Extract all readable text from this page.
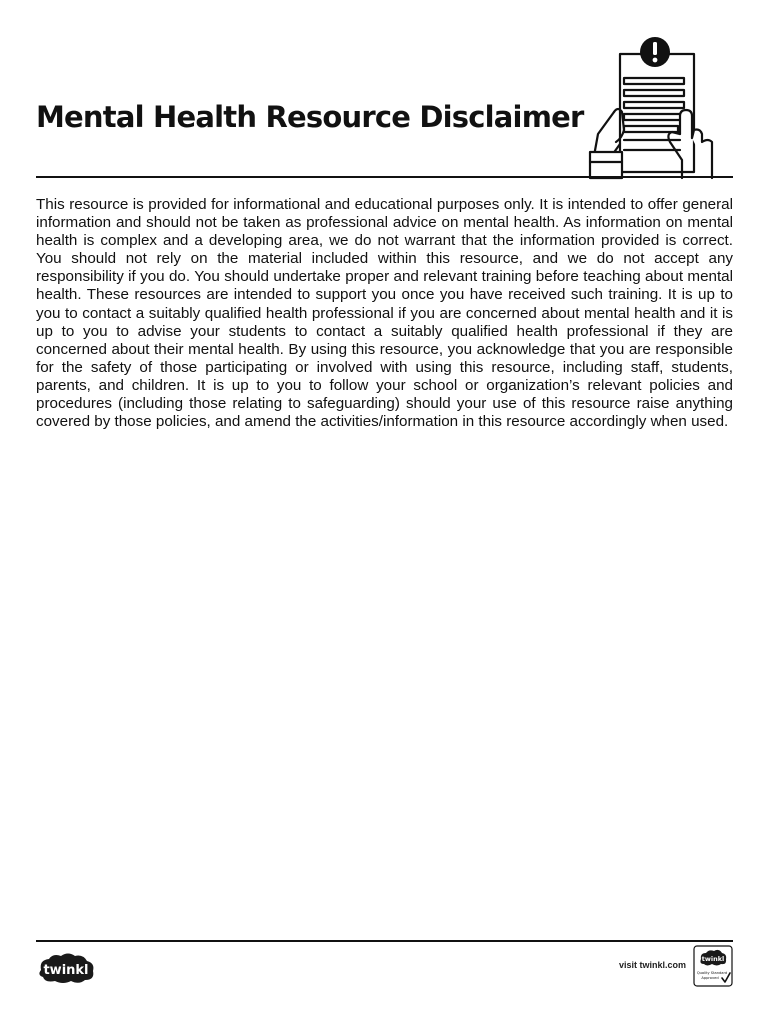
Mental Health Resource Disclaimer

This resource is provided for informational and educational purposes only. It is intended to offer general information and should not be taken as professional advice on mental health. As information on mental health is complex and a developing area, we do not warrant that the information provided is correct. You should not rely on the material included within this resource, and we do not accept any responsibility if you do. You should undertake proper and relevant training before teaching about mental health. These resources are intended to support you once you have received such training. It is up to you to contact a suitably qualified health professional if you are concerned about mental health and it is up to you to advise your students to contact a suitably qualified health professional if they are concerned about their mental health. By using this resource, you acknowledge that you are responsible for the safety of those participating or involved with using this resource, including staff, students, parents, and children. It is up to you to follow your school or organization’s relevant policies and procedures (including those relating to safeguarding) should your use of this resource raise anything covered by those policies, and amend the activities/information in this resource accordingly when used.

twinkl	visit twinkl.com
twinkl
Quality Standard
Approved
